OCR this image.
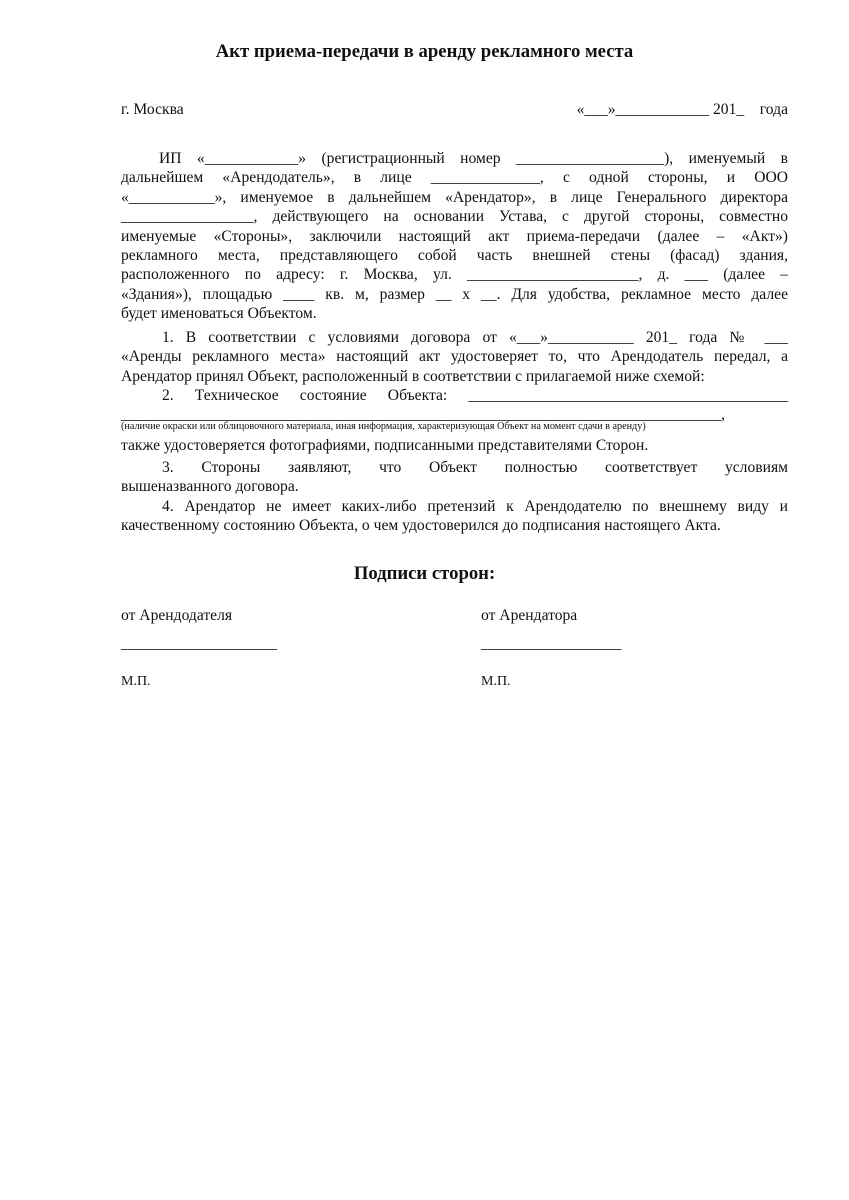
Акт приема-передачи в аренду рекламного места
г. Москва	«___»____________ 201_    года
ИП «____________» (регистрационный номер ___________________), именуемый в
дальнейшем «Арендодатель», в лице ______________, с одной стороны, и ООО
«___________», именуемое в дальнейшем «Арендатор», в лице Генерального директора
_________________, действующего на основании Устава, с другой стороны, совместно
именуемые «Стороны», заключили настоящий акт приема-передачи (далее – «Акт»)
рекламного места, представляющего собой часть внешней стены (фасад) здания,
расположенного по адресу: г. Москва, ул. ______________________, д. ___ (далее –
«Здания»), площадью ____ кв. м, размер __ х __. Для удобства, рекламное место далее
будет именоваться Объектом.
1. В соответствии с условиями договора от «___»___________ 201_ года № ___
«Аренды рекламного места» настоящий акт удостоверяет то, что Арендодатель передал, а
Арендатор принял Объект, расположенный в соответствии с прилагаемой ниже схемой:
2. Техническое состояние Объекта: _________________________________________
_______________________________________________________________________________,
(наличие окраски или облицовочного материала, иная информация, характеризующая Объект на момент сдачи в аренду)
также удостоверяется фотографиями, подписанными представителями Сторон.
3. Стороны заявляют, что Объект полностью соответствует условиям
вышеназванного договора.
4. Арендатор не имеет каких-либо претензий к Арендодателю по внешнему виду и
качественному состоянию Объекта, о чем удостоверился до подписания настоящего Акта.
Подписи сторон:
от Арендодателя	от Арендатора
____________________	__________________
М.П.	М.П.
